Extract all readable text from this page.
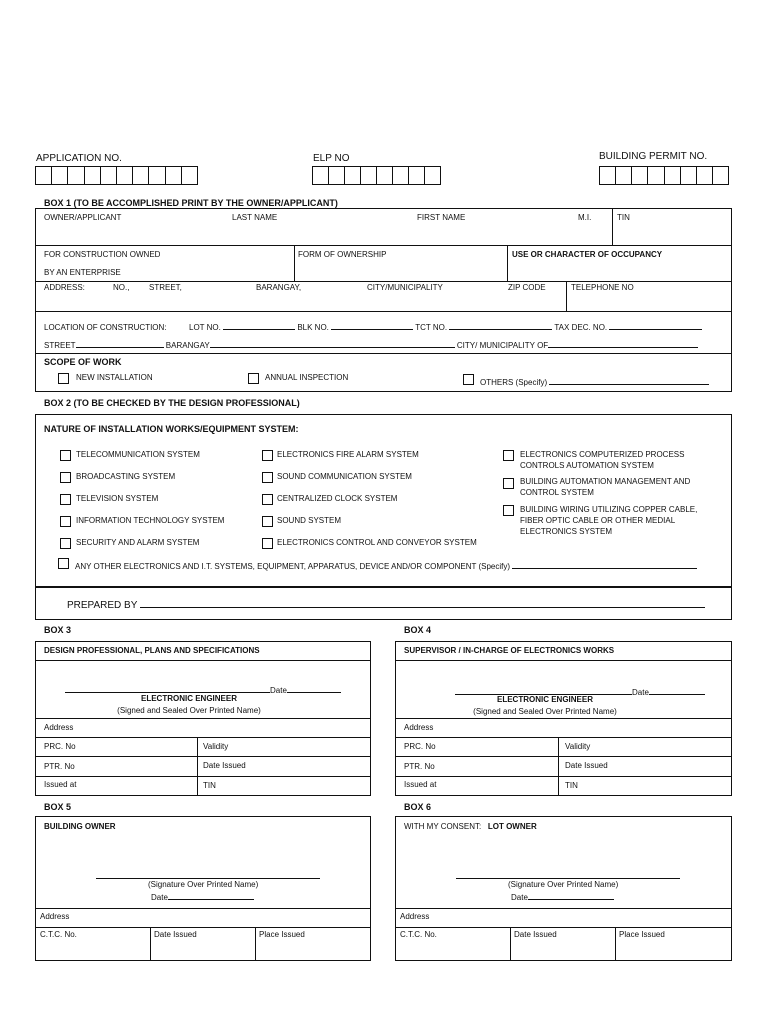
APPLICATION NO.	ELP NO	BUILDING PERMIT NO.
BOX 1 (TO BE ACCOMPLISHED PRINT BY THE OWNER/APPLICANT)
OWNER/APPLICANT	LAST NAME	FIRST NAME	M.I.	TIN
FOR CONSTRUCTION OWNED
BY AN ENTERPRISE
FORM OF OWNERSHIP	USE OR CHARACTER OF OCCUPANCY
ADDRESS:	NO., STREET,	BARANGAY,	CITY/MUNICIPALITY	ZIP CODE	TELEPHONE NO
LOCATION OF CONSTRUCTION:	LOT NO.	BLK NO.	TCT NO.	TAX DEC. NO.
STREET	BARANGAY	CITY/ MUNICIPALITY OF
SCOPE OF WORK
NEW INSTALLATION	ANNUAL INSPECTION
OTHERS (Specify)
BOX 2 (TO BE CHECKED BY THE DESIGN PROFESSIONAL)
NATURE OF INSTALLATION WORKS/EQUIPMENT SYSTEM:
TELECOMMUNICATION SYSTEM
BROADCASTING SYSTEM
TELEVISION SYSTEM
INFORMATION TECHNOLOGY SYSTEM
SECURITY AND ALARM SYSTEM
ELECTRONICS FIRE ALARM SYSTEM
SOUND COMMUNICATION SYSTEM
CENTRALIZED CLOCK SYSTEM
SOUND SYSTEM
ELECTRONICS CONTROL AND CONVEYOR SYSTEM
ELECTRONICS COMPUTERIZED PROCESS
CONTROLS AUTOMATION SYSTEM
BUILDING AUTOMATION MANAGEMENT AND
CONTROL SYSTEM
BUILDING WIRING UTILIZING COPPER CABLE,
FIBER OPTIC CABLE OR OTHER MEDIAL
ELECTRONICS SYSTEM
ANY OTHER ELECTRONICS AND I.T. SYSTEMS, EQUIPMENT, APPARATUS, DEVICE AND/OR COMPONENT (Specify)
PREPARED BY
BOX 3
DESIGN PROFESSIONAL, PLANS AND SPECIFICATIONS
Date
ELECTRONIC ENGINEER
(Signed and Sealed Over Printed Name)
Address
PRC. No	Validity
PTR. No	Date Issued
Issued at	TIN
BOX 4
SUPERVISOR / IN-CHARGE OF ELECTRONICS WORKS
Date
ELECTRONIC ENGINEER
(Signed and Sealed Over Printed Name)
Address
PRC. No	Validity
PTR. No	Date Issued
Issued at	TIN
BOX 5
BUILDING OWNER
(Signature Over Printed Name)
Date
Address
C.T.C. No.	Date Issued	Place Issued
BOX 6
WITH MY CONSENT: LOT OWNER
(Signature Over Printed Name)
Date
Address
C.T.C. No.	Date Issued	Place Issued
